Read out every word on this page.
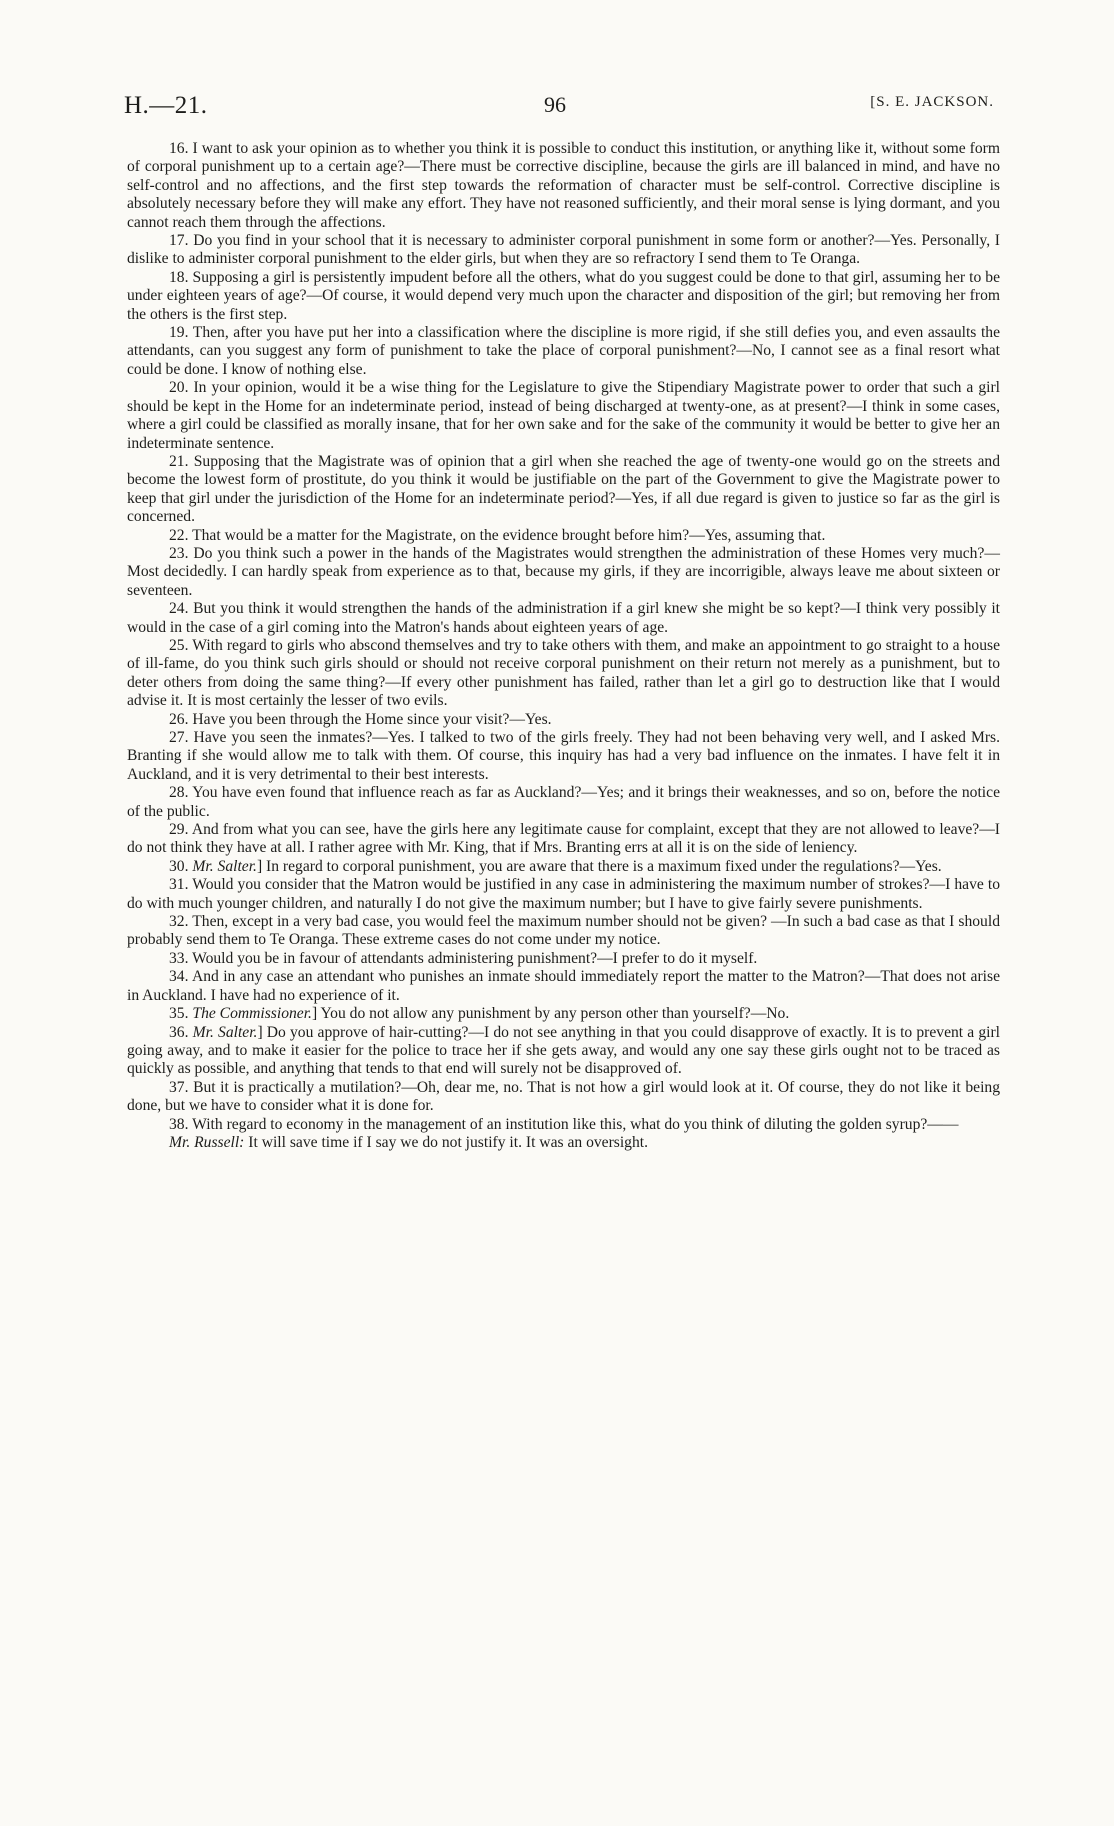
H.—21.	96	[S. E. JACKSON.

16. I want to ask your opinion as to whether you think it is possible to conduct this institution, or anything like it, without some form of corporal punishment up to a certain age?—There must be corrective discipline, because the girls are ill balanced in mind, and have no self-control and no affections, and the first step towards the reformation of character must be self-control. Corrective discipline is absolutely necessary before they will make any effort. They have not reasoned sufficiently, and their moral sense is lying dormant, and you cannot reach them through the affections.

17. Do you find in your school that it is necessary to administer corporal punishment in some form or another?—Yes. Personally, I dislike to administer corporal punishment to the elder girls, but when they are so refractory I send them to Te Oranga.

18. Supposing a girl is persistently impudent before all the others, what do you suggest could be done to that girl, assuming her to be under eighteen years of age?—Of course, it would depend very much upon the character and disposition of the girl; but removing her from the others is the first step.

19. Then, after you have put her into a classification where the discipline is more rigid, if she still defies you, and even assaults the attendants, can you suggest any form of punishment to take the place of corporal punishment?—No, I cannot see as a final resort what could be done. I know of nothing else.

20. In your opinion, would it be a wise thing for the Legislature to give the Stipendiary Magistrate power to order that such a girl should be kept in the Home for an indeterminate period, instead of being discharged at twenty-one, as at present?—I think in some cases, where a girl could be classified as morally insane, that for her own sake and for the sake of the community it would be better to give her an indeterminate sentence.

21. Supposing that the Magistrate was of opinion that a girl when she reached the age of twenty-one would go on the streets and become the lowest form of prostitute, do you think it would be justifiable on the part of the Government to give the Magistrate power to keep that girl under the jurisdiction of the Home for an indeterminate period?—Yes, if all due regard is given to justice so far as the girl is concerned.

22. That would be a matter for the Magistrate, on the evidence brought before him?—Yes, assuming that.

23. Do you think such a power in the hands of the Magistrates would strengthen the administration of these Homes very much?—Most decidedly. I can hardly speak from experience as to that, because my girls, if they are incorrigible, always leave me about sixteen or seventeen.

24. But you think it would strengthen the hands of the administration if a girl knew she might be so kept?—I think very possibly it would in the case of a girl coming into the Matron's hands about eighteen years of age.

25. With regard to girls who abscond themselves and try to take others with them, and make an appointment to go straight to a house of ill-fame, do you think such girls should or should not receive corporal punishment on their return not merely as a punishment, but to deter others from doing the same thing?—If every other punishment has failed, rather than let a girl go to destruction like that I would advise it. It is most certainly the lesser of two evils.

26. Have you been through the Home since your visit?—Yes.

27. Have you seen the inmates?—Yes. I talked to two of the girls freely. They had not been behaving very well, and I asked Mrs. Branting if she would allow me to talk with them. Of course, this inquiry has had a very bad influence on the inmates. I have felt it in Auckland, and it is very detrimental to their best interests.

28. You have even found that influence reach as far as Auckland?—Yes; and it brings their weaknesses, and so on, before the notice of the public.

29. And from what you can see, have the girls here any legitimate cause for complaint, except that they are not allowed to leave?—I do not think they have at all. I rather agree with Mr. King, that if Mrs. Branting errs at all it is on the side of leniency.

30. Mr. Salter.] In regard to corporal punishment, you are aware that there is a maximum fixed under the regulations?—Yes.

31. Would you consider that the Matron would be justified in any case in administering the maximum number of strokes?—I have to do with much younger children, and naturally I do not give the maximum number; but I have to give fairly severe punishments.

32. Then, except in a very bad case, you would feel the maximum number should not be given? —In such a bad case as that I should probably send them to Te Oranga. These extreme cases do not come under my notice.

33. Would you be in favour of attendants administering punishment?—I prefer to do it myself.

34. And in any case an attendant who punishes an inmate should immediately report the matter to the Matron?—That does not arise in Auckland. I have had no experience of it.

35. The Commissioner.] You do not allow any punishment by any person other than yourself?—No.

36. Mr. Salter.] Do you approve of hair-cutting?—I do not see anything in that you could disapprove of exactly. It is to prevent a girl going away, and to make it easier for the police to trace her if she gets away, and would any one say these girls ought not to be traced as quickly as possible, and anything that tends to that end will surely not be disapproved of.

37. But it is practically a mutilation?—Oh, dear me, no. That is not how a girl would look at it. Of course, they do not like it being done, but we have to consider what it is done for.

38. With regard to economy in the management of an institution like this, what do you think of diluting the golden syrup?——

Mr. Russell: It will save time if I say we do not justify it. It was an oversight.
